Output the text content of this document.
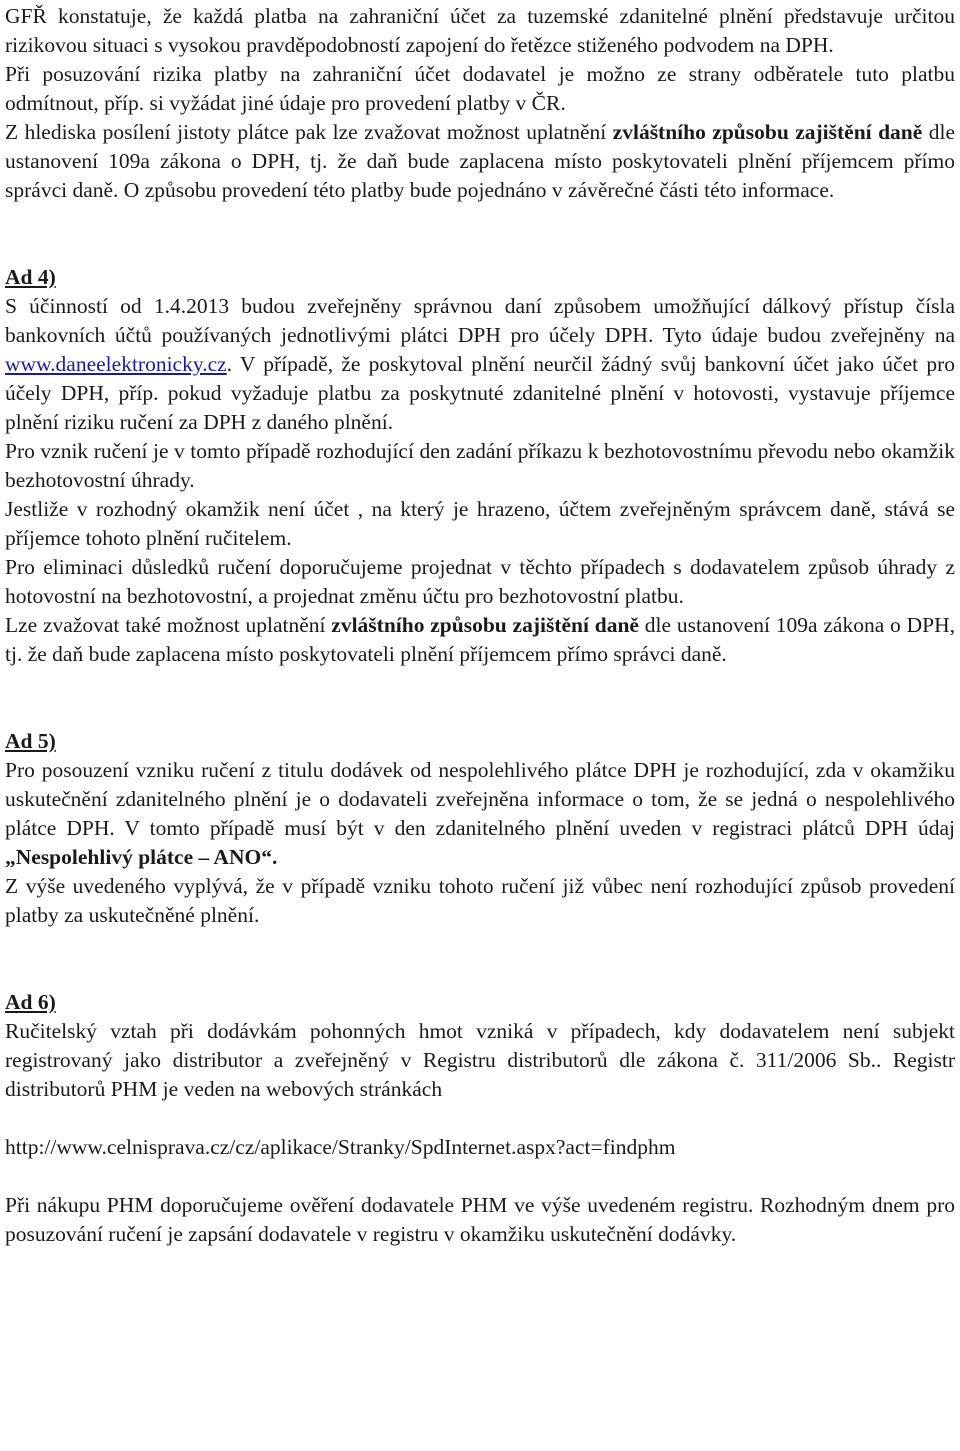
GFŘ konstatuje, že každá platba na zahraniční účet za tuzemské zdanitelné plnění představuje určitou rizikovou situaci s vysokou pravděpodobností zapojení do řetězce stiženého podvodem na DPH.

Při posuzování rizika platby na zahraniční účet dodavatel je možno ze strany odběratele tuto platbu odmítnout, příp. si vyžádat jiné údaje pro provedení platby v ČR.

Z hlediska posílení jistoty plátce pak lze zvažovat možnost uplatnění zvláštního způsobu zajištění daně dle ustanovení 109a zákona o DPH, tj. že daň bude zaplacena místo poskytovateli plnění příjemcem přímo správci daně. O způsobu provedení této platby bude pojednáno v závěrečné části této informace.

Ad 4)

S účinností od 1.4.2013 budou zveřejněny správnou daní způsobem umožňující dálkový přístup čísla bankovních účtů používaných jednotlivými plátci DPH pro účely DPH. Tyto údaje budou zveřejněny na www.daneelektronicky.cz. V případě, že poskytoval plnění neurčil žádný svůj bankovní účet jako účet pro účely DPH, příp. pokud vyžaduje platbu za poskytnuté zdanitelné plnění v hotovosti, vystavuje příjemce plnění riziku ručení za DPH z daného plnění.

Pro vznik ručení je v tomto případě rozhodující den zadání příkazu k bezhotovostnímu převodu nebo okamžik bezhotovostní úhrady.

Jestliže v rozhodný okamžik není účet , na který je hrazeno, účtem zveřejněným správcem daně, stává se příjemce tohoto plnění ručitelem.

Pro eliminaci důsledků ručení doporučujeme projednat v těchto případech s dodavatelem způsob úhrady z hotovostní na bezhotovostní, a projednat změnu účtu pro bezhotovostní platbu.

Lze zvažovat také možnost uplatnění zvláštního způsobu zajištění daně dle ustanovení 109a zákona o DPH, tj. že daň bude zaplacena místo poskytovateli plnění příjemcem přímo správci daně.

Ad 5)

Pro posouzení vzniku ručení z titulu dodávek od nespolehlivého plátce DPH je rozhodující, zda v okamžiku uskutečnění zdanitelného plnění je o dodavateli zveřejněna informace o tom, že se jedná o nespolehlivého plátce DPH. V tomto případě musí být v den zdanitelného plnění uveden v registraci plátců DPH údaj „Nespolehlivý plátce – ANO“.

Z výše uvedeného vyplývá, že v případě vzniku tohoto ručení již vůbec není rozhodující způsob provedení platby za uskutečněné plnění.

Ad 6)

Ručitelský vztah při dodávkám pohonných hmot vzniká v případech, kdy dodavatelem není subjekt registrovaný jako distributor a zveřejněný v Registru distributorů dle zákona č. 311/2006 Sb.. Registr distributorů PHM je veden na webových stránkách

http://www.celnisprava.cz/cz/aplikace/Stranky/SpdInternet.aspx?act=findphm

Při nákupu PHM doporučujeme ověření dodavatele PHM ve výše uvedeném registru. Rozhodným dnem pro posuzování ručení je zapsání dodavatele v registru v okamžiku uskutečnění dodávky.
